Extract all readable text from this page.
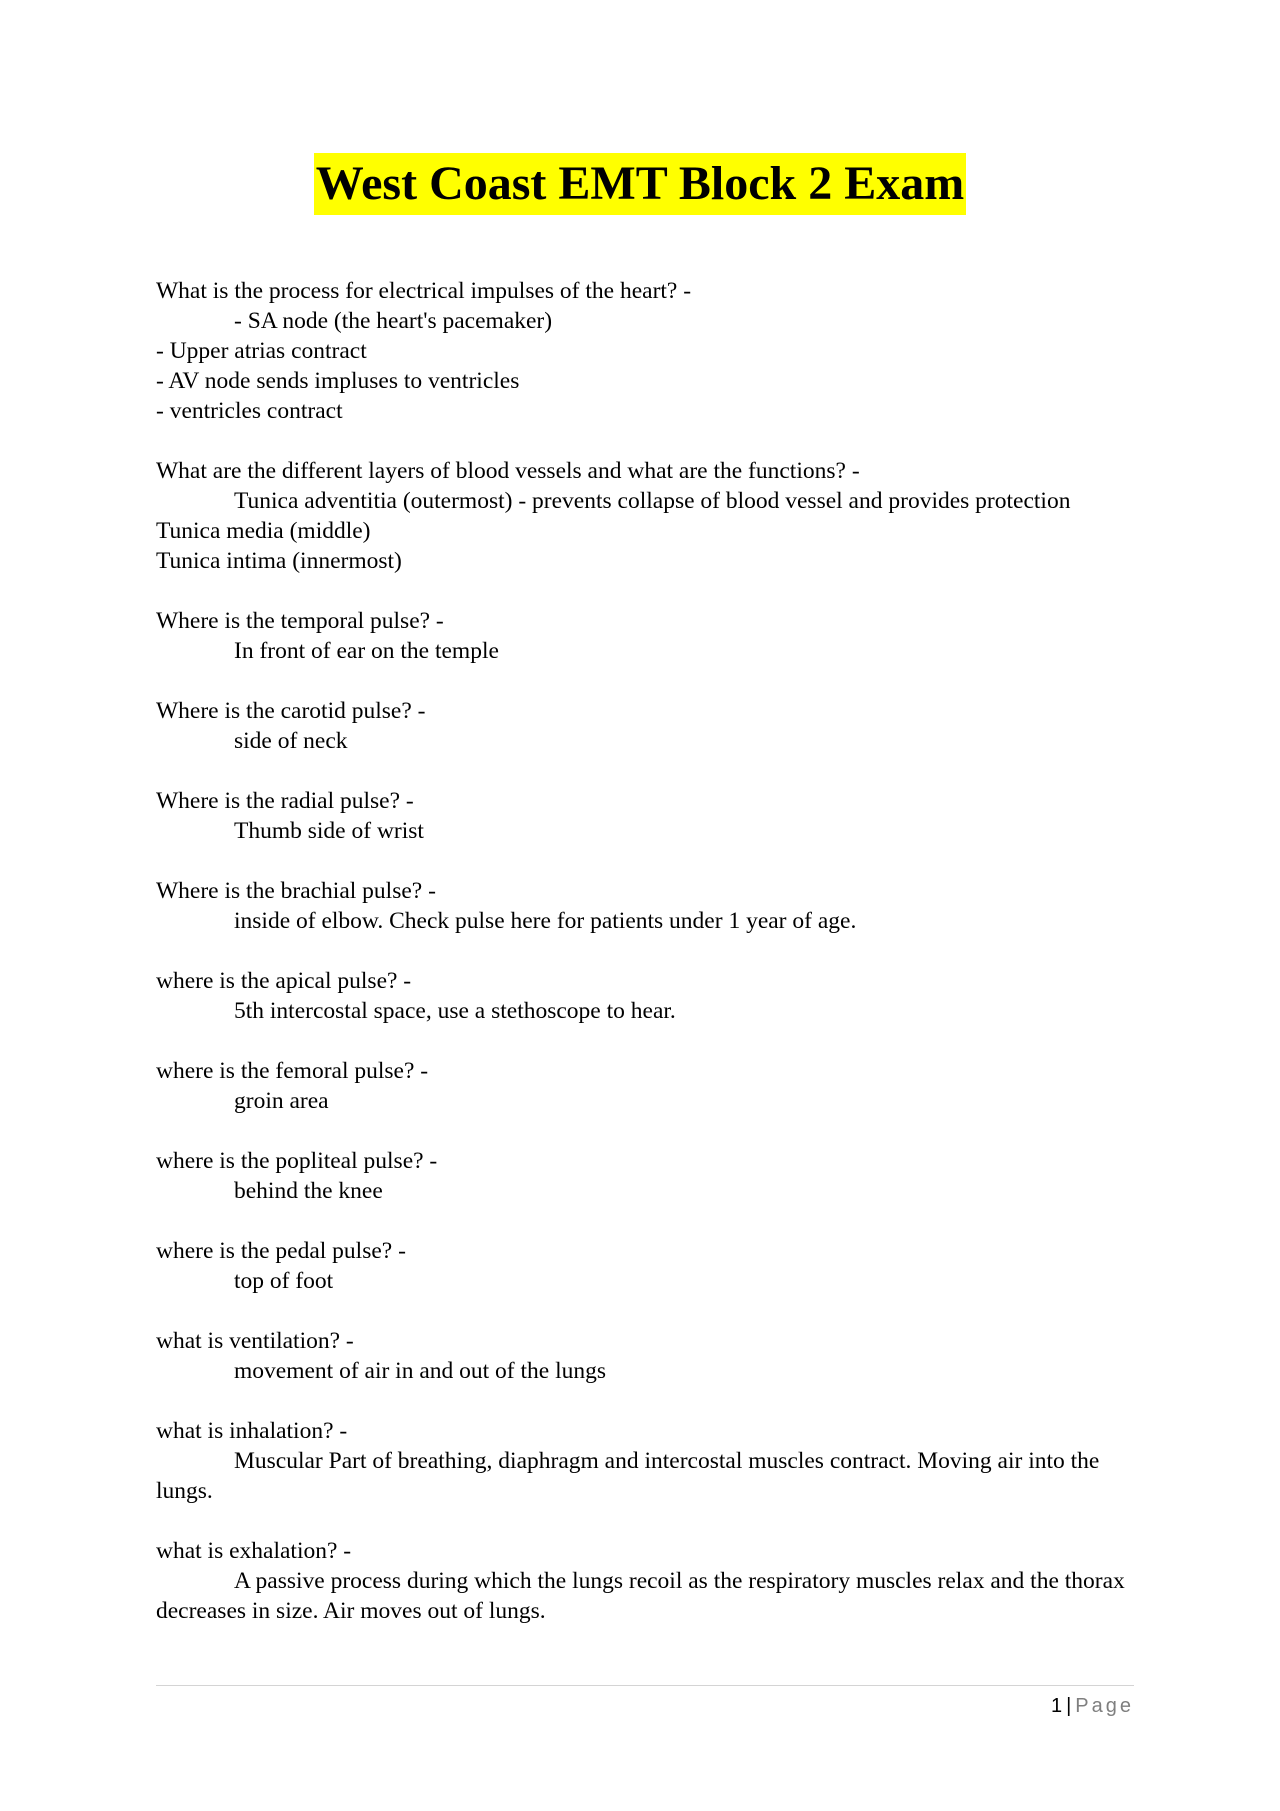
West Coast EMT Block 2 Exam
What is the process for electrical impulses of the heart? -
- SA node (the heart's pacemaker)
- Upper atrias contract
- AV node sends impluses to ventricles
- ventricles contract
What are the different layers of blood vessels and what are the functions? -
Tunica adventitia (outermost) - prevents collapse of blood vessel and provides protection
Tunica media (middle)
Tunica intima (innermost)
Where is the temporal pulse? -
In front of ear on the temple
Where is the carotid pulse? -
side of neck
Where is the radial pulse? -
Thumb side of wrist
Where is the brachial pulse? -
inside of elbow. Check pulse here for patients under 1 year of age.
where is the apical pulse? -
5th intercostal space, use a stethoscope to hear.
where is the femoral pulse? -
groin area
where is the popliteal pulse? -
behind the knee
where is the pedal pulse? -
top of foot
what is ventilation? -
movement of air in and out of the lungs
what is inhalation? -
Muscular Part of breathing, diaphragm and intercostal muscles contract. Moving air into the lungs.
what is exhalation? -
A passive process during which the lungs recoil as the respiratory muscles relax and the thorax decreases in size. Air moves out of lungs.
1 | Page
